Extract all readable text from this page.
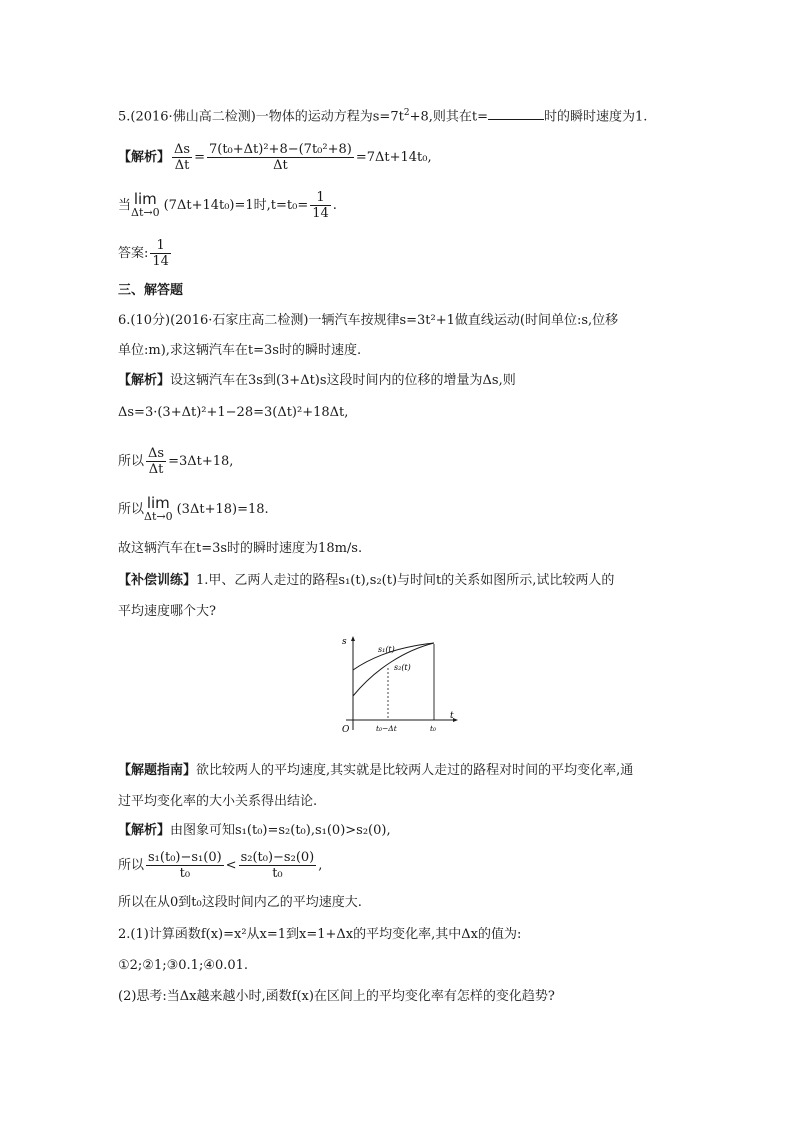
5.(2016·佛山高二检测)一物体的运动方程为$s=7t^2+8$,则其在t=	时的瞬时速度为1.
【解析】 $\frac{\Delta s}{\Delta t} = \frac{\text{7(t₀+Δt)²+8−(7t₀²+8)}}{\Delta t} =7\Delta t+14t_0$,
当 lim
Δt→0 (7Δt+14t₀)=1时$,t=t_0= \frac{1}{14}$ .
答案: $\frac{1}{14}$
三、解答题
6.(10分)(2016·石家庄高二检测)一辆汽车按规律s=3t²+1做直线运动(时间单位:s,位移
单位:m),求这辆汽车在t=3s时的瞬时速度.
【解析】设这辆汽车在3s到(3+Δt)s这段时间内的位移的增量为Δs,则
Δs=3·(3+Δt)²+1−28=3(Δt)²+18Δt,
所以 $\frac{\Delta s}{\Delta t} =3\Delta t+18$,
所以 lim
Δt→0 (3Δt+18)=18.
故这辆汽车在t=3s时的瞬时速度为18m/s.
【补偿训练】1.甲、乙两人走过的路程s₁(t),s₂(t)与时间t的关系如图所示,试比较两人的
平均速度哪个大?
s
t
O
s₁(t)
s₂(t)
t₀−Δt	t₀
【解题指南】欲比较两人的平均速度,其实就是比较两人走过的路程对时间的平均变化率,通
过平均变化率的大小关系得出结论.
【解析】由图象可知s₁(t₀)=s₂(t₀),s₁(0)>s₂(0),
所以 $\frac{\text{s₁(t₀)−s₁(0)}}{\text{t₀}} < \frac{\text{s₂(t₀)−s₂(0)}}{\text{t₀}}$ ,
所以在从0到t₀这段时间内乙的平均速度大.
2.(1)计算函数f(x)=x²从x=1到x=1+Δx的平均变化率,其中Δx的值为:
①2;②1;③0.1;④0.01.
(2)思考:当Δx越来越小时,函数f(x)在区间上的平均变化率有怎样的变化趋势?
